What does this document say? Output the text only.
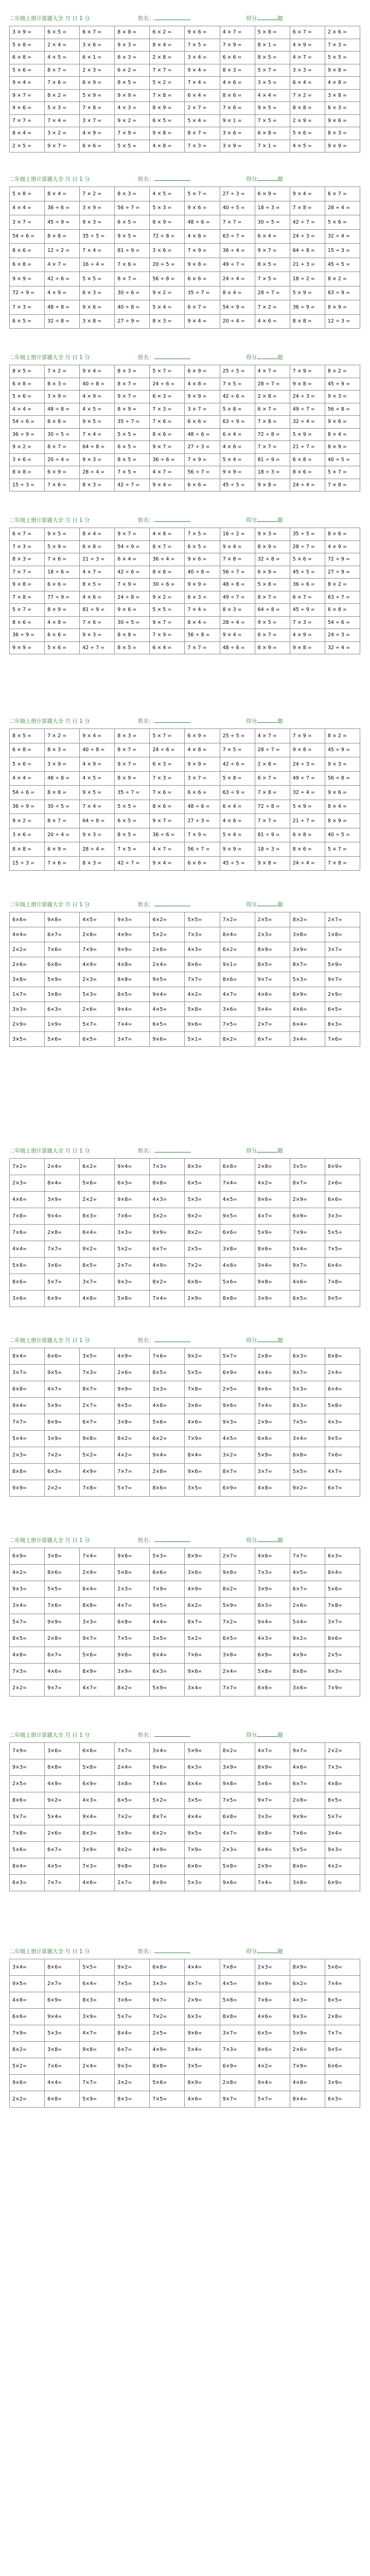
二年级上册计算题大全 月 日 1 分	姓名：	得分	题
3 × 9 =	6 × 5 =	6 × 7 =	8 × 8 =	6 × 2 =	9 × 6 =	4 × 7 =	5 × 8 =	6 × 7 =	2 × 6 =
5 × 8 =	2 × 4 =	3 × 6 =	9 × 3 =	8 × 4 =	7 × 5 =	7 × 9 =	8 × 1 =	4 × 9 =	7 × 3 =
6 × 8 =	4 × 5 =	6 × 1 =	6 × 3 =	2 × 8 =	3 × 4 =	6 × 6 =	8 × 5 =	4 × 7 =	5 × 5 =
5 × 6 =	8 × 7 =	2 × 3 =	6 × 2 =	7 × 7 =	9 × 4 =	8 × 3 =	5 × 7 =	3 × 3 =	9 × 8 =
9 × 4 =	7 × 6 =	6 × 9 =	8 × 5 =	5 × 2 =	7 × 4 =	4 × 6 =	3 × 5 =	6 × 4 =	4 × 8 =
9 × 7 =	8 × 2 =	5 × 9 =	9 × 9 =	7 × 8 =	6 × 4 =	8 × 6 =	4 × 4 =	7 × 2 =	3 × 8 =
4 × 6 =	5 × 3 =	7 × 8 =	4 × 3 =	8 × 9 =	2 × 7 =	7 × 6 =	9 × 5 =	8 × 8 =	6 × 3 =
7 × 7 =	7 × 4 =	3 × 7 =	9 × 2 =	6 × 5 =	5 × 4 =	9 × 1 =	7 × 5 =	2 × 9 =	9 × 6 =
8 × 4 =	3 × 2 =	4 × 9 =	7 × 9 =	9 × 8 =	8 × 7 =	3 × 6 =	6 × 8 =	5 × 6 =	8 × 3 =
2 × 5 =	9 × 7 =	6 × 6 =	5 × 5 =	4 × 8 =	7 × 3 =	3 × 9 =	7 × 1 =	4 × 5 =	9 × 9 =
二年级上册计算题大全 月 日 1 分	姓名：	得分	题
5 × 8 =	8 × 4 =	7 × 2 =	8 × 3 =	4 × 5 =	5 × 7 =	27 ÷ 3 =	6 × 9 =	9 × 4 =	6 × 7 =
4 × 4 =	36 ÷ 6 =	3 × 9 =	56 ÷ 7 =	5 × 3 =	9 × 6 =	40 ÷ 5 =	18 ÷ 3 =	7 × 8 =	28 ÷ 4 =
3 × 7 =	45 ÷ 9 =	9 × 3 =	6 × 5 =	8 × 9 =	48 ÷ 6 =	7 × 7 =	30 ÷ 5 =	42 ÷ 7 =	5 × 6 =
54 ÷ 6 =	8 × 8 =	35 ÷ 5 =	9 × 5 =	72 ÷ 8 =	4 × 8 =	63 ÷ 7 =	6 × 4 =	24 ÷ 3 =	32 ÷ 4 =
8 × 6 =	12 ÷ 2 =	7 × 4 =	81 ÷ 9 =	3 × 6 =	7 × 9 =	36 ÷ 4 =	9 × 7 =	64 ÷ 8 =	15 ÷ 3 =
6 × 8 =	4 × 7 =	16 ÷ 4 =	7 × 6 =	20 ÷ 5 =	9 × 8 =	49 ÷ 7 =	8 × 5 =	21 ÷ 3 =	45 ÷ 5 =
9 × 9 =	42 ÷ 6 =	5 × 5 =	8 × 7 =	56 ÷ 8 =	6 × 6 =	24 ÷ 4 =	7 × 5 =	18 ÷ 2 =	8 × 2 =
72 ÷ 9 =	4 × 9 =	6 × 3 =	30 ÷ 6 =	9 × 2 =	35 ÷ 7 =	8 × 4 =	28 ÷ 7 =	5 × 9 =	63 ÷ 9 =
7 × 3 =	48 ÷ 8 =	9 × 6 =	40 ÷ 8 =	5 × 4 =	6 × 7 =	54 ÷ 9 =	7 × 2 =	36 ÷ 9 =	8 × 9 =
6 × 5 =	32 ÷ 8 =	3 × 8 =	27 ÷ 9 =	8 × 3 =	9 × 4 =	20 ÷ 4 =	4 × 6 =	8 × 8 =	12 ÷ 3 =
二年级上册计算题大全 月 日 1 分	姓名：	得分	题
8 × 5 =	7 × 2 =	9 × 4 =	8 × 3 =	5 × 7 =	6 × 9 =	25 ÷ 5 =	4 × 7 =	7 × 9 =	8 × 2 =
6 × 8 =	8 × 3 =	40 ÷ 8 =	8 × 7 =	24 ÷ 6 =	4 × 8 =	7 × 5 =	28 ÷ 7 =	9 × 8 =	45 ÷ 9 =
5 × 6 =	3 × 9 =	4 × 9 =	9 × 7 =	6 × 3 =	9 × 9 =	42 ÷ 6 =	2 × 8 =	24 ÷ 3 =	9 × 3 =
4 × 4 =	48 ÷ 8 =	4 × 5 =	8 × 9 =	7 × 3 =	3 × 7 =	5 × 8 =	6 × 7 =	49 ÷ 7 =	56 ÷ 8 =
54 ÷ 6 =	8 × 8 =	9 × 5 =	35 ÷ 7 =	7 × 6 =	6 × 6 =	63 ÷ 9 =	7 × 8 =	32 ÷ 4 =	9 × 6 =
36 ÷ 9 =	30 ÷ 5 =	7 × 4 =	5 × 5 =	8 × 6 =	48 ÷ 6 =	6 × 4 =	72 ÷ 8 =	5 × 9 =	8 × 4 =
9 × 2 =	8 × 7 =	64 ÷ 8 =	6 × 5 =	9 × 7 =	27 ÷ 3 =	4 × 6 =	7 × 7 =	21 ÷ 7 =	8 × 9 =
3 × 6 =	20 ÷ 4 =	9 × 3 =	8 × 5 =	36 ÷ 6 =	7 × 9 =	5 × 4 =	81 ÷ 9 =	6 × 8 =	40 ÷ 5 =
8 × 8 =	6 × 9 =	28 ÷ 4 =	7 × 5 =	4 × 7 =	56 ÷ 7 =	9 × 9 =	18 ÷ 3 =	8 × 6 =	5 × 7 =
15 ÷ 3 =	7 × 6 =	8 × 3 =	42 ÷ 7 =	9 × 4 =	6 × 6 =	45 ÷ 5 =	9 × 8 =	24 ÷ 4 =	7 × 8 =
二年级上册计算题大全 月 日 1 分	姓名：	得分	题
6 × 7 =	9 × 5 =	8 × 4 =	9 × 7 =	4 × 8 =	7 × 5 =	16 ÷ 2 =	9 × 3 =	35 ÷ 5 =	8 × 6 =
7 × 3 =	5 × 9 =	6 × 8 =	54 ÷ 9 =	8 × 7 =	6 × 5 =	9 × 4 =	8 × 9 =	28 ÷ 7 =	4 × 9 =
8 × 3 =	7 × 6 =	21 ÷ 3 =	6 × 4 =	36 ÷ 4 =	9 × 6 =	7 × 8 =	32 ÷ 8 =	5 × 6 =	72 ÷ 9 =
7 × 7 =	18 ÷ 6 =	4 × 7 =	42 ÷ 6 =	8 × 8 =	40 ÷ 8 =	56 ÷ 7 =	6 × 9 =	45 ÷ 5 =	27 ÷ 9 =
9 × 8 =	6 × 6 =	8 × 5 =	7 × 9 =	30 ÷ 6 =	9 × 9 =	48 ÷ 8 =	5 × 8 =	36 ÷ 6 =	8 × 2 =
7 × 8 =	77 ÷ 9 =	4 × 6 =	24 ÷ 8 =	9 × 2 =	6 × 3 =	49 ÷ 7 =	8 × 7 =	6 × 7 =	63 ÷ 7 =
5 × 7 =	8 × 9 =	81 ÷ 9 =	9 × 6 =	5 × 5 =	7 × 4 =	8 × 3 =	64 ÷ 8 =	45 ÷ 9 =	6 × 8 =
8 × 6 =	4 × 8 =	7 × 6 =	30 ÷ 5 =	9 × 7 =	8 × 4 =	28 ÷ 4 =	9 × 5 =	7 × 3 =	54 ÷ 6 =
36 ÷ 9 =	6 × 6 =	9 × 3 =	8 × 8 =	7 × 9 =	56 ÷ 8 =	9 × 4 =	6 × 7 =	4 × 9 =	24 ÷ 3 =
9 × 9 =	5 × 6 =	42 ÷ 7 =	8 × 5 =	6 × 4 =	7 × 7 =	48 ÷ 6 =	8 × 9 =	9 × 8 =	32 ÷ 4 =
二年级上册计算题大全 月 日 1 分	姓名：	得分	题
8 × 5 =	7 × 2 =	9 × 4 =	8 × 3 =	5 × 7 =	6 × 9 =	25 ÷ 5 =	4 × 7 =	7 × 9 =	8 × 2 =
6 × 8 =	8 × 3 =	40 ÷ 8 =	8 × 7 =	24 ÷ 6 =	4 × 8 =	7 × 5 =	28 ÷ 7 =	9 × 8 =	45 ÷ 9 =
5 × 6 =	3 × 9 =	4 × 9 =	9 × 7 =	6 × 3 =	9 × 9 =	42 ÷ 6 =	2 × 8 =	24 ÷ 3 =	9 × 3 =
4 × 4 =	48 ÷ 8 =	4 × 5 =	8 × 9 =	7 × 3 =	3 × 7 =	5 × 8 =	6 × 7 =	49 ÷ 7 =	56 ÷ 8 =
54 ÷ 6 =	8 × 8 =	9 × 5 =	35 ÷ 7 =	7 × 6 =	6 × 6 =	63 ÷ 9 =	7 × 8 =	32 ÷ 4 =	9 × 6 =
36 ÷ 9 =	30 ÷ 5 =	7 × 4 =	5 × 5 =	8 × 6 =	48 ÷ 6 =	6 × 4 =	72 ÷ 8 =	5 × 9 =	8 × 4 =
9 × 2 =	8 × 7 =	64 ÷ 8 =	6 × 5 =	9 × 7 =	27 ÷ 3 =	4 × 6 =	7 × 7 =	21 ÷ 7 =	8 × 9 =
3 × 6 =	20 ÷ 4 =	9 × 3 =	8 × 5 =	36 ÷ 6 =	7 × 9 =	5 × 4 =	81 ÷ 9 =	6 × 8 =	40 ÷ 5 =
8 × 8 =	6 × 9 =	28 ÷ 4 =	7 × 5 =	4 × 7 =	56 ÷ 7 =	9 × 9 =	18 ÷ 3 =	8 × 6 =	5 × 7 =
15 ÷ 3 =	7 × 6 =	8 × 3 =	42 ÷ 7 =	9 × 4 =	6 × 6 =	45 ÷ 5 =	9 × 8 =	24 ÷ 4 =	7 × 8 =
二年级上册计算题大全 月 日 1 分	姓名：	得分	题
6×6=	9×8=	4×5=	9×3=	6×2=	5×5=	7×2=	2×5=	8×2=	2×7=
4×4=	6×7=	2×8=	4×9=	5×2=	7×3=	8×4=	2×3=	3×8=	1×8=
2×2=	7×6=	7×9=	9×9=	2×8=	4×3=	6×2=	8×9=	3×9=	3×7=
2×6=	6×8=	4×9=	4×8=	2×4=	8×6=	9×1=	8×5=	8×7=	5×9=
3×8=	5×9=	2×3=	8×8=	9×5=	7×7=	8×6=	9×7=	5×3=	9×7=
1×7=	3×8=	5×3=	8×5=	9×4=	4×2=	4×7=	4×6=	6×9=	2×9=
3×3=	6×3=	2×6=	9×4=	4×5=	5×8=	3×6=	5×4=	4×6=	6×5=
2×9=	1×9=	5×7=	7×4=	6×5=	9×6=	7×5=	2×7=	6×4=	8×3=
3×5=	5×6=	6×5=	3×7=	9×6=	5×1=	8×2=	6×7=	3×4=	7×6=
二年级上册计算题大全 月 日 1 分	姓名：	得分	题
7×2=	2×4=	6×2=	9×4=	7×3=	8×3=	6×8=	2×8=	3×5=	8×9=
2×3=	8×4=	5×6=	6×3=	8×8=	6×5=	7×4=	4×2=	8×7=	2×6=
4×6=	3×9=	2×2=	9×8=	4×3=	5×3=	4×5=	9×6=	2×9=	6×6=
7×8=	9×4=	8×3=	7×6=	3×2=	9×2=	9×5=	4×7=	6×9=	3×3=
7×6=	2×8=	6×4=	3×3=	9×9=	8×2=	6×6=	5×9=	7×9=	5×5=
4×4=	7×7=	9×2=	5×2=	6×7=	2×5=	3×8=	8×6=	5×4=	7×5=
5×8=	3×6=	8×5=	2×7=	4×9=	7×2=	4×8=	3×4=	9×7=	6×4=
8×6=	5×7=	3×7=	9×3=	8×2=	6×8=	5×6=	9×8=	4×6=	7×8=
3×6=	6×9=	4×8=	5×8=	7×4=	2×9=	8×8=	3×9=	6×5=	9×5=
二年级上册计算题大全 月 日 1 分	姓名：	得分	题
8×4=	6×6=	3×5=	4×9=	7×6=	9×2=	5×7=	2×8=	6×3=	8×8=
3×7=	9×5=	7×3=	2×6=	8×5=	5×5=	6×9=	4×4=	9×7=	2×4=
6×8=	4×7=	8×7=	9×9=	3×3=	7×8=	2×5=	8×6=	5×3=	6×4=
9×4=	5×9=	2×7=	6×5=	4×8=	3×6=	9×6=	7×4=	8×3=	5×8=
7×7=	8×9=	6×7=	3×8=	5×6=	4×6=	9×3=	2×9=	7×5=	4×3=
5×4=	3×9=	9×8=	8×2=	6×2=	7×9=	4×5=	6×6=	3×4=	9×5=
2×3=	7×2=	5×2=	4×2=	9×4=	8×4=	3×2=	5×9=	6×8=	7×6=
8×8=	6×3=	4×9=	7×7=	2×8=	9×6=	8×7=	3×7=	5×5=	4×7=
9×9=	2×2=	7×8=	5×7=	8×6=	3×5=	6×9=	4×8=	9×2=	6×7=
二年级上册计算题大全 月 日 1 分	姓名：	得分	题
6×9=	3×8=	7×4=	9×6=	5×3=	8×9=	2×7=	4×6=	7×7=	6×3=
4×2=	8×6=	2×9=	5×8=	6×6=	3×6=	9×8=	7×3=	4×5=	8×4=
9×3=	5×5=	6×4=	2×3=	7×9=	4×9=	8×2=	3×9=	6×7=	5×6=
3×4=	7×6=	8×8=	4×7=	9×5=	6×2=	5×9=	8×3=	2×6=	7×8=
5×7=	9×9=	3×3=	6×8=	4×4=	8×7=	7×2=	9×4=	5×4=	3×7=
8×5=	2×8=	9×7=	7×5=	3×5=	5×2=	6×5=	4×3=	9×2=	8×6=
4×8=	6×7=	5×6=	9×8=	8×4=	7×6=	3×8=	6×9=	4×9=	2×5=
7×3=	4×6=	8×9=	3×9=	6×3=	9×6=	2×4=	5×8=	8×8=	9×3=
2×2=	9×7=	4×7=	8×2=	5×9=	3×4=	7×7=	6×6=	3×6=	7×9=
二年级上册计算题大全 月 日 1 分	姓名：	得分	题
7×9=	3×6=	6×6=	7×7=	3×4=	5×9=	8×2=	4×7=	9×7=	2×2=
9×3=	8×8=	5×8=	2×4=	9×6=	6×3=	3×9=	8×9=	4×6=	7×3=
2×5=	4×9=	6×9=	3×8=	7×6=	8×4=	9×8=	5×6=	6×7=	4×8=
8×6=	9×2=	4×3=	6×5=	5×2=	3×5=	7×5=	9×7=	2×8=	8×5=
3×7=	5×4=	9×4=	7×2=	8×7=	4×4=	6×8=	3×3=	9×9=	5×7=
7×8=	2×6=	8×3=	5×9=	6×2=	9×5=	4×7=	8×8=	7×6=	3×4=
5×6=	6×7=	3×9=	8×2=	4×9=	7×9=	2×3=	6×4=	5×5=	9×3=
8×4=	4×5=	7×3=	9×8=	3×6=	6×6=	5×8=	2×9=	8×6=	4×2=
6×3=	7×7=	4×6=	2×7=	8×9=	5×3=	9×6=	7×4=	3×8=	6×9=
二年级上册计算题大全 月 日 1 分	姓名：	得分	题
3×4=	8×6=	5×5=	9×2=	6×8=	4×4=	7×8=	2×3=	8×9=	5×6=
9×5=	2×7=	6×4=	7×5=	3×3=	8×7=	4×5=	9×9=	6×2=	7×4=
4×8=	6×9=	8×3=	3×6=	9×7=	2×9=	5×8=	7×6=	4×3=	8×5=
6×6=	9×4=	3×9=	5×7=	7×2=	6×3=	8×8=	4×6=	9×3=	2×8=
7×9=	5×3=	4×7=	8×4=	2×5=	9×6=	3×7=	6×5=	5×9=	7×7=
8×2=	3×8=	9×8=	6×7=	4×9=	5×4=	7×3=	8×6=	2×6=	9×5=
5×2=	7×6=	2×4=	9×3=	8×8=	3×5=	6×9=	4×2=	7×9=	6×6=
9×6=	4×4=	7×7=	3×2=	5×6=	8×9=	2×8=	9×4=	4×8=	3×9=
2×2=	6×8=	5×9=	8×3=	7×5=	4×6=	9×7=	5×7=	8×4=	6×3=
